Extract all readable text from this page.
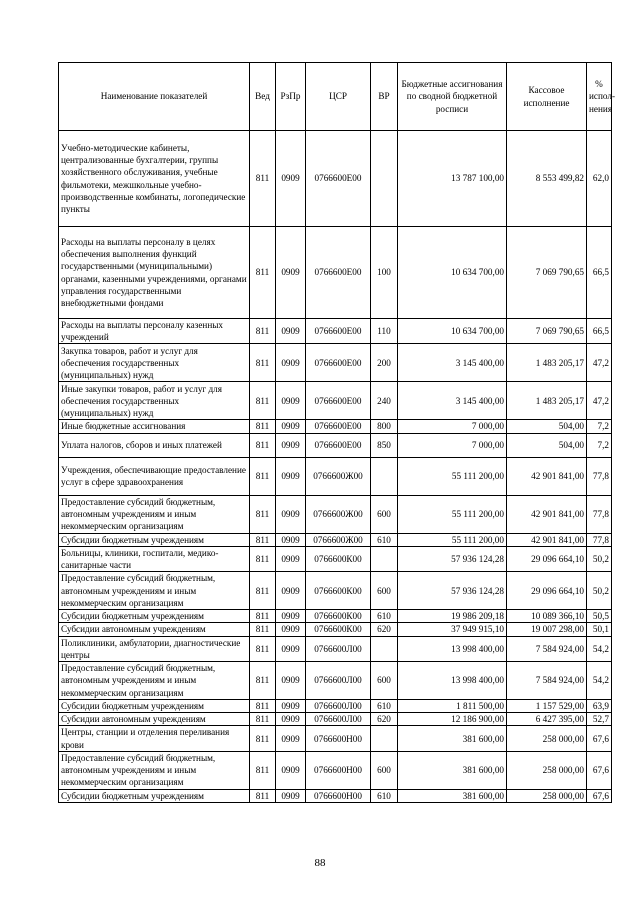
Наименование показателей	Вед	РзПр	ЦСР	ВР	Бюджетные ассигнования по сводной бюджетной росписи	Кассовое исполнение	% испол-нения
Учебно-методические кабинеты, централизованные бухгалтерии, группы хозяйственного обслуживания, учебные фильмотеки, межшкольные учебно-производственные комбинаты, логопедические пункты	811	0909	0766600Е00		13 787 100,00	8 553 499,82	62,0
Расходы на выплаты персоналу в целях обеспечения выполнения функций государственными (муниципальными) органами, казенными учреждениями, органами управления государственными внебюджетными фондами	811	0909	0766600Е00	100	10 634 700,00	7 069 790,65	66,5
Расходы на выплаты персоналу казенных учреждений	811	0909	0766600Е00	110	10 634 700,00	7 069 790,65	66,5
Закупка товаров, работ и услуг для обеспечения государственных (муниципальных) нужд	811	0909	0766600Е00	200	3 145 400,00	1 483 205,17	47,2
Иные закупки товаров, работ и услуг для обеспечения государственных (муниципальных) нужд	811	0909	0766600Е00	240	3 145 400,00	1 483 205,17	47,2
Иные бюджетные ассигнования	811	0909	0766600Е00	800	7 000,00	504,00	7,2
Уплата налогов, сборов и иных платежей	811	0909	0766600Е00	850	7 000,00	504,00	7,2
Учреждения, обеспечивающие предоставление услуг в сфере здравоохранения	811	0909	0766600Ж00		55 111 200,00	42 901 841,00	77,8
Предоставление субсидий бюджетным, автономным учреждениям и иным некоммерческим организациям	811	0909	0766600Ж00	600	55 111 200,00	42 901 841,00	77,8
Субсидии бюджетным учреждениям	811	0909	0766600Ж00	610	55 111 200,00	42 901 841,00	77,8
Больницы, клиники, госпитали, медико-санитарные части	811	0909	0766600К00		57 936 124,28	29 096 664,10	50,2
Предоставление субсидий бюджетным, автономным учреждениям и иным некоммерческим организациям	811	0909	0766600К00	600	57 936 124,28	29 096 664,10	50,2
Субсидии бюджетным учреждениям	811	0909	0766600К00	610	19 986 209,18	10 089 366,10	50,5
Субсидии автономным учреждениям	811	0909	0766600К00	620	37 949 915,10	19 007 298,00	50,1
Поликлиники, амбулатории, диагностические центры	811	0909	0766600Л00		13 998 400,00	7 584 924,00	54,2
Предоставление субсидий бюджетным, автономным учреждениям и иным некоммерческим организациям	811	0909	0766600Л00	600	13 998 400,00	7 584 924,00	54,2
Субсидии бюджетным учреждениям	811	0909	0766600Л00	610	1 811 500,00	1 157 529,00	63,9
Субсидии автономным учреждениям	811	0909	0766600Л00	620	12 186 900,00	6 427 395,00	52,7
Центры, станции и отделения переливания крови	811	0909	0766600Н00		381 600,00	258 000,00	67,6
Предоставление субсидий бюджетным, автономным учреждениям и иным некоммерческим организациям	811	0909	0766600Н00	600	381 600,00	258 000,00	67,6
Субсидии бюджетным учреждениям	811	0909	0766600Н00	610	381 600,00	258 000,00	67,6
88
